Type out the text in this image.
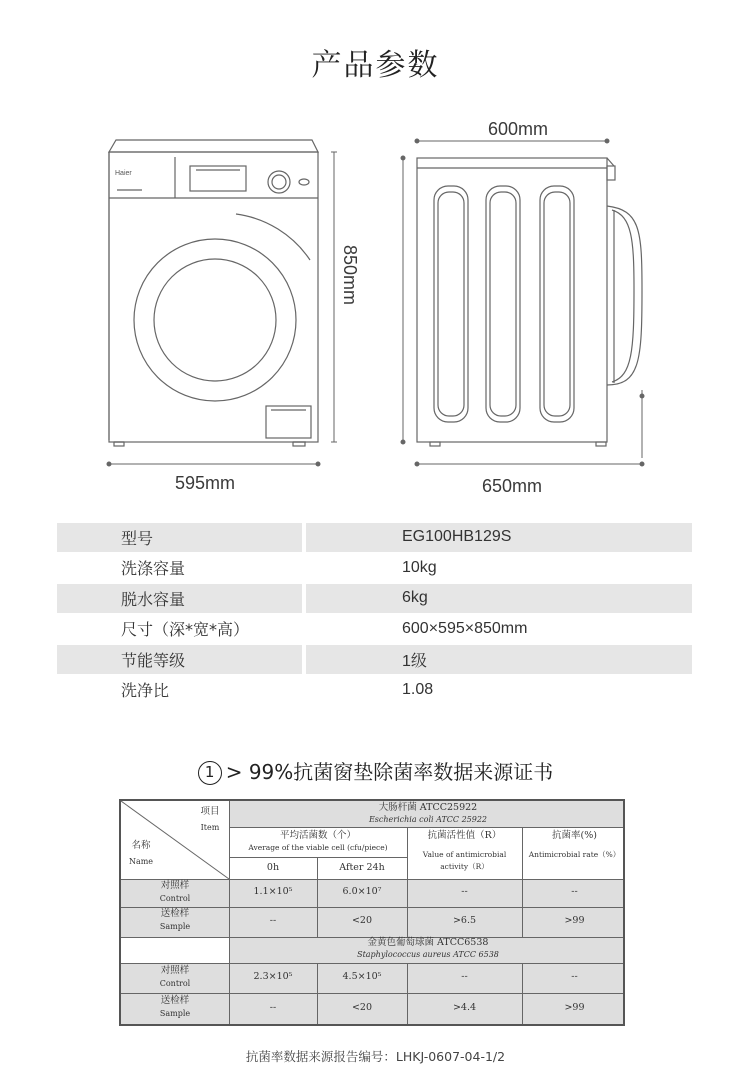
产品参数
Haier
600mm
850mm
595mm	650mm
型号	EG100HB129S
洗涤容量	10kg
脱水容量	6kg
尺寸（深*宽*高）	600×595×850mm
节能等级	1级
洗净比	1.08
1 > 99%抗菌窗垫除菌率数据来源证书
项目
Item
名称
Name
大肠杆菌 ATCC25922
Escherichia coli ATCC 25922
平均活菌数（个）
Average of the viable cell (cfu/piece)
0h	After 24h
抗菌活性值（R）
Value of antimicrobial activity（R）
抗菌率(%)
Antimicrobial rate（%）
对照样
Control
1.1×10⁵	6.0×10⁷	--	--
送检样
Sample
--	<20	>6.5	>99
金黄色葡萄球菌 ATCC6538
Staphylococcus aureus ATCC 6538
对照样
Control
2.3×10⁵	4.5×10⁵	--	--
送检样
Sample
--	<20	>4.4	>99
抗菌率数据来源报告编号：LHKJ-0607-04-1/2
